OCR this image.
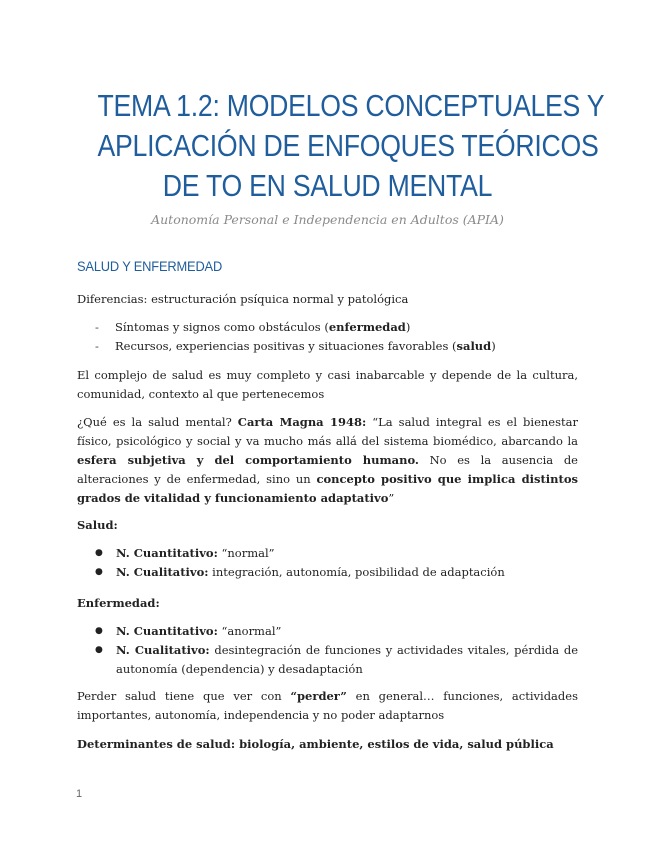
TEMA 1.2: MODELOS CONCEPTUALES Y
APLICACIÓN DE ENFOQUES TEÓRICOS
DE TO EN SALUD MENTAL
Autonomía Personal e Independencia en Adultos (APIA)
SALUD Y ENFERMEDAD
Diferencias: estructuración psíquica normal y patológica
-	Síntomas y signos como obstáculos (enfermedad)
-	Recursos, experiencias positivas y situaciones favorables (salud)
El complejo de salud es muy completo y casi inabarcable y depende de la cultura, comunidad, contexto al que pertenecemos
¿Qué es la salud mental? Carta Magna 1948: “La salud integral es el bienestar físico, psicológico y social y va mucho más allá del sistema biomédico, abarcando la esfera subjetiva y del comportamiento humano. No es la ausencia de alteraciones y de enfermedad, sino un concepto positivo que implica distintos grados de vitalidad y funcionamiento adaptativo”
Salud:
●	N. Cuantitativo: “normal”
●	N. Cualitativo: integración, autonomía, posibilidad de adaptación
Enfermedad:
●	N. Cuantitativo: “anormal”
●	N. Cualitativo: desintegración de funciones y actividades vitales, pérdida de autonomía (dependencia) y desadaptación
Perder salud tiene que ver con “perder” en general… funciones, actividades importantes, autonomía, independencia y no poder adaptarnos
Determinantes de salud: biología, ambiente, estilos de vida, salud pública
1
